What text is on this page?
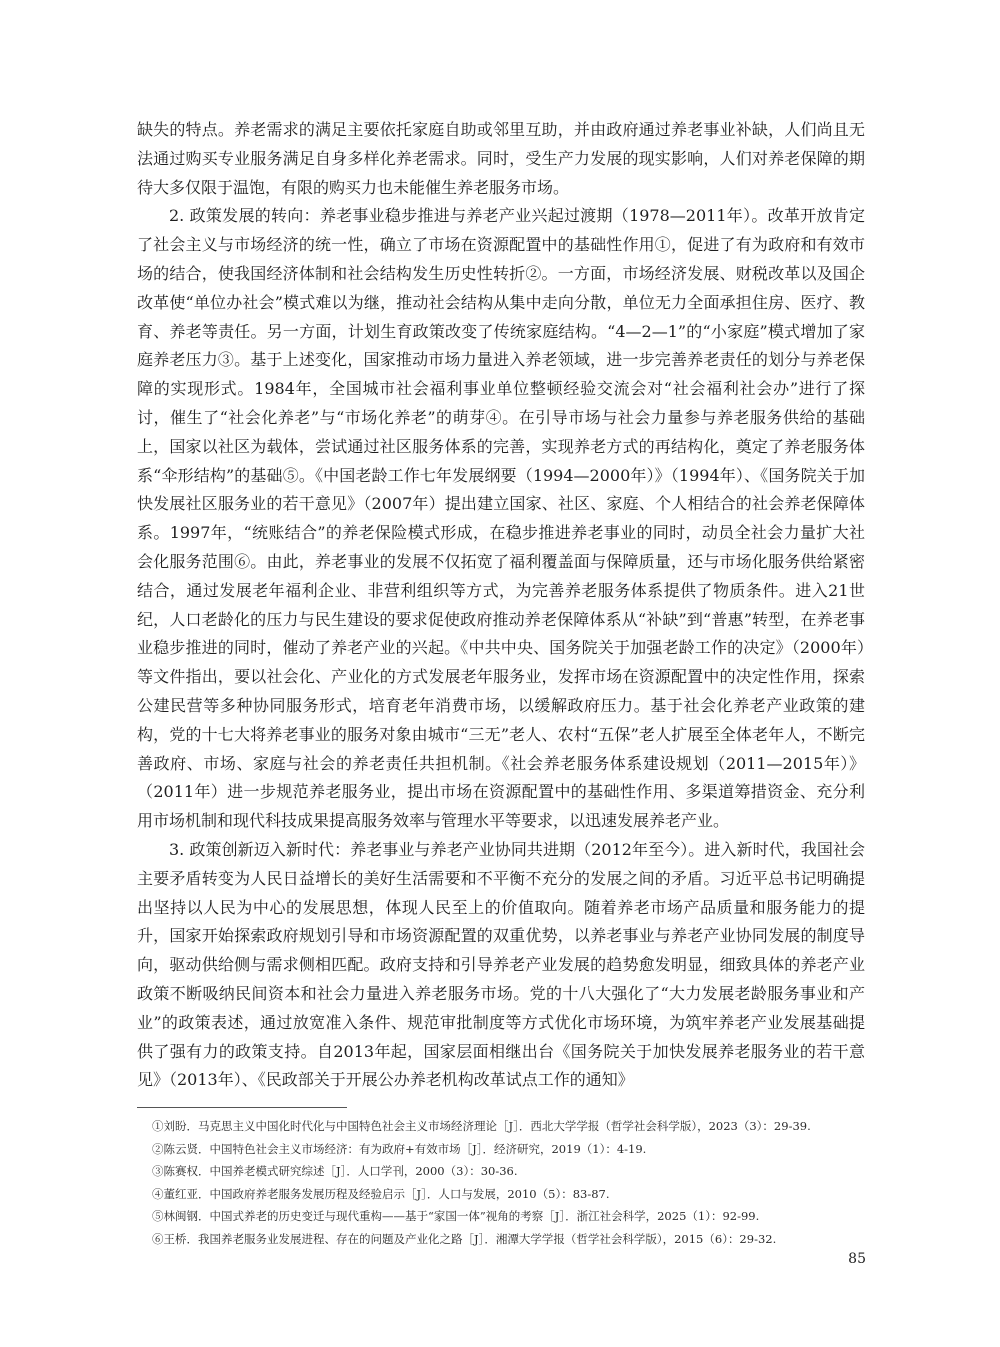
缺失的特点。养老需求的满足主要依托家庭自助或邻里互助，并由政府通过养老事业补缺，人们尚且无法通过购买专业服务满足自身多样化养老需求。同时，受生产力发展的现实影响，人们对养老保障的期待大多仅限于温饱，有限的购买力也未能催生养老服务市场。

2. 政策发展的转向：养老事业稳步推进与养老产业兴起过渡期（1978—2011年）。改革开放肯定了社会主义与市场经济的统一性，确立了市场在资源配置中的基础性作用①，促进了有为政府和有效市场的结合，使我国经济体制和社会结构发生历史性转折②。一方面，市场经济发展、财税改革以及国企改革使“单位办社会”模式难以为继，推动社会结构从集中走向分散，单位无力全面承担住房、医疗、教育、养老等责任。另一方面，计划生育政策改变了传统家庭结构。“4—2—1”的“小家庭”模式增加了家庭养老压力③。基于上述变化，国家推动市场力量进入养老领域，进一步完善养老责任的划分与养老保障的实现形式。1984年，全国城市社会福利事业单位整顿经验交流会对“社会福利社会办”进行了探讨，催生了“社会化养老”与“市场化养老”的萌芽④。在引导市场与社会力量参与养老服务供给的基础上，国家以社区为载体，尝试通过社区服务体系的完善，实现养老方式的再结构化，奠定了养老服务体系“伞形结构”的基础⑤。《中国老龄工作七年发展纲要（1994—2000年）》（1994年）、《国务院关于加快发展社区服务业的若干意见》（2007年）提出建立国家、社区、家庭、个人相结合的社会养老保障体系。1997年，“统账结合”的养老保险模式形成，在稳步推进养老事业的同时，动员全社会力量扩大社会化服务范围⑥。由此，养老事业的发展不仅拓宽了福利覆盖面与保障质量，还与市场化服务供给紧密结合，通过发展老年福利企业、非营利组织等方式，为完善养老服务体系提供了物质条件。进入21世纪，人口老龄化的压力与民生建设的要求促使政府推动养老保障体系从“补缺”到“普惠”转型，在养老事业稳步推进的同时，催动了养老产业的兴起。《中共中央、国务院关于加强老龄工作的决定》（2000年）等文件指出，要以社会化、产业化的方式发展老年服务业，发挥市场在资源配置中的决定性作用，探索公建民营等多种协同服务形式，培育老年消费市场，以缓解政府压力。基于社会化养老产业政策的建构，党的十七大将养老事业的服务对象由城市“三无”老人、农村“五保”老人扩展至全体老年人，不断完善政府、市场、家庭与社会的养老责任共担机制。《社会养老服务体系建设规划（2011—2015年）》（2011年）进一步规范养老服务业，提出市场在资源配置中的基础性作用、多渠道筹措资金、充分利用市场机制和现代科技成果提高服务效率与管理水平等要求，以迅速发展养老产业。

3. 政策创新迈入新时代：养老事业与养老产业协同共进期（2012年至今）。进入新时代，我国社会主要矛盾转变为人民日益增长的美好生活需要和不平衡不充分的发展之间的矛盾。习近平总书记明确提出坚持以人民为中心的发展思想，体现人民至上的价值取向。随着养老市场产品质量和服务能力的提升，国家开始探索政府规划引导和市场资源配置的双重优势，以养老事业与养老产业协同发展的制度导向，驱动供给侧与需求侧相匹配。政府支持和引导养老产业发展的趋势愈发明显，细致具体的养老产业政策不断吸纳民间资本和社会力量进入养老服务市场。党的十八大强化了“大力发展老龄服务事业和产业”的政策表述，通过放宽准入条件、规范审批制度等方式优化市场环境，为筑牢养老产业发展基础提供了强有力的政策支持。自2013年起，国家层面相继出台《国务院关于加快发展养老服务业的若干意见》（2013年）、《民政部关于开展公办养老机构改革试点工作的通知》

①刘盼．马克思主义中国化时代化与中国特色社会主义市场经济理论［J］．西北大学学报（哲学社会科学版），2023（3）：29-39.
②陈云贤．中国特色社会主义市场经济：有为政府+有效市场［J］．经济研究，2019（1）：4-19.
③陈赛权．中国养老模式研究综述［J］．人口学刊，2000（3）：30-36.
④董红亚．中国政府养老服务发展历程及经验启示［J］．人口与发展，2010（5）：83-87.
⑤林闽钢．中国式养老的历史变迁与现代重构——基于“家国一体”视角的考察［J］．浙江社会科学，2025（1）：92-99.
⑥王桥．我国养老服务业发展进程、存在的问题及产业化之路［J］．湘潭大学学报（哲学社会科学版），2015（6）：29-32.
85
